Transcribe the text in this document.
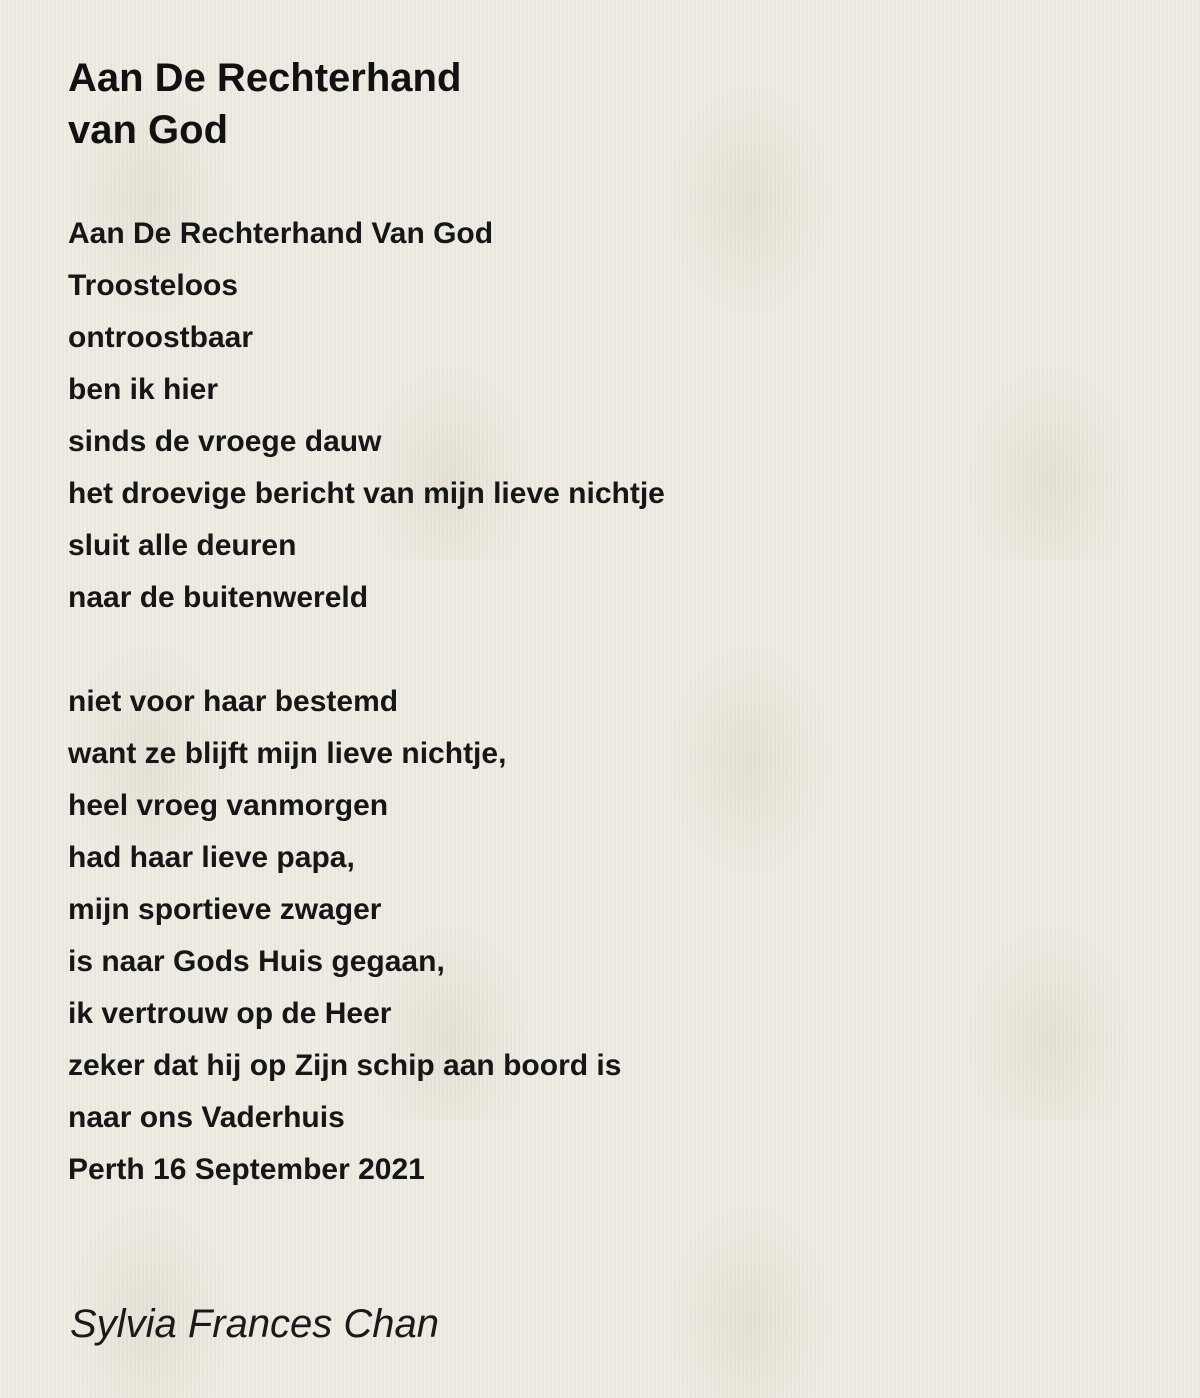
Aan De Rechterhand
van God
Aan De Rechterhand Van God
Troosteloos
ontroostbaar
ben ik hier
sinds de vroege dauw
het droevige bericht van mijn lieve nichtje
sluit alle deuren
naar de buitenwereld
niet voor haar bestemd
want ze blijft mijn lieve nichtje,
heel vroeg vanmorgen
had haar lieve papa,
mijn sportieve zwager
is naar Gods Huis gegaan,
ik vertrouw op de Heer
zeker dat hij op Zijn schip aan boord is
naar ons Vaderhuis
Perth 16 September 2021

Sylvia Frances Chan
